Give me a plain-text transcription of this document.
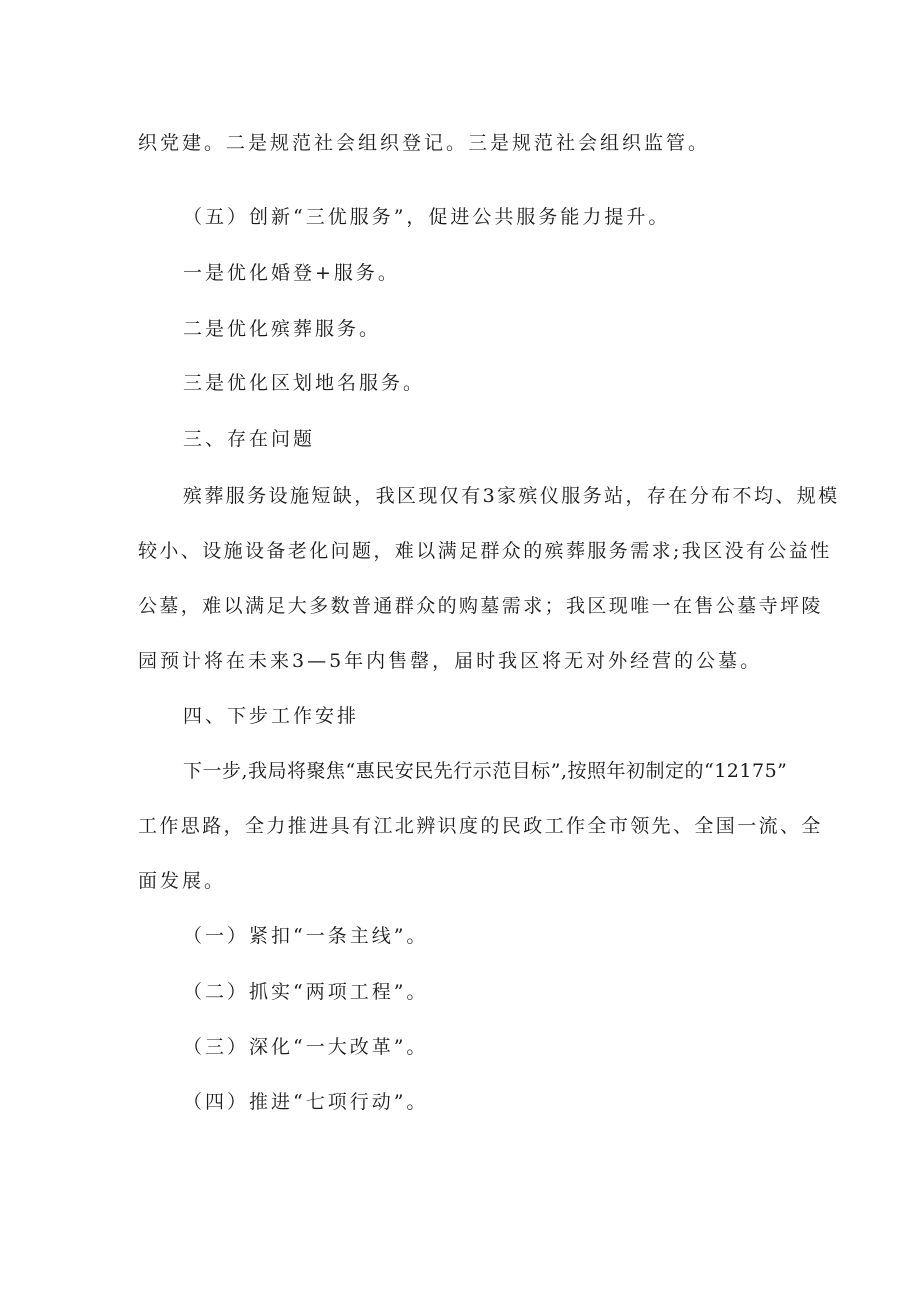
织党建。二是规范社会组织登记。三是规范社会组织监管。
（五）创新“三优服务”，促进公共服务能力提升。
一是优化婚登+服务。
二是优化殡葬服务。
三是优化区划地名服务。
三、存在问题
殡葬服务设施短缺，我区现仅有3家殡仪服务站，存在分布不均、规模
较小、设施设备老化问题，难以满足群众的殡葬服务需求;我区没有公益性
公墓，难以满足大多数普通群众的购墓需求；我区现唯一在售公墓寺坪陵
园预计将在未来3—5年内售罄，届时我区将无对外经营的公墓。
四、下步工作安排
下一步,我局将聚焦“惠民安民先行示范目标”,按照年初制定的“12175”
工作思路，全力推进具有江北辨识度的民政工作全市领先、全国一流、全
面发展。
（一）紧扣“一条主线”。
（二）抓实“两项工程”。
（三）深化“一大改革”。
（四）推进“七项行动”。
